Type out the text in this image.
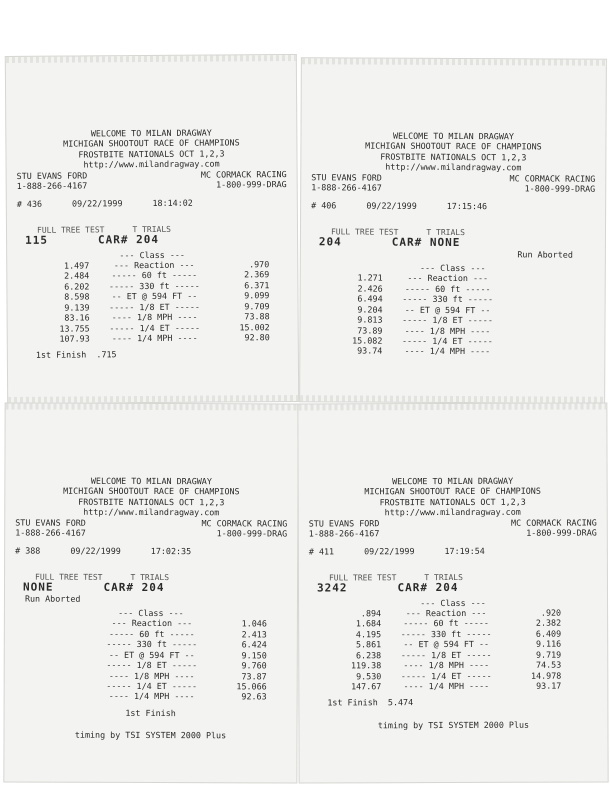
WELCOME TO MILAN DRAGWAY
MICHIGAN SHOOTOUT RACE OF CHAMPIONS
FROSTBITE NATIONALS OCT 1,2,3
http://www.milandragway.com
STU EVANS FORD	MC CORMACK RACING
1-888-266-4167	1-800-999-DRAG
# 436	09/22/1999	18:14:02
FULL TREE TEST	T TRIALS
115	CAR# 204
--- Class ---
1.497	--- Reaction ---	.970
2.484	----- 60 ft -----	2.369
6.202	----- 330 ft -----	6.371
8.598	-- ET @ 594 FT --	9.099
9.139	----- 1/8 ET -----	9.709
83.16	---- 1/8 MPH ----	73.88
13.755	----- 1/4 ET -----	15.002
107.93	---- 1/4 MPH ----	92.80
1st Finish  .715
WELCOME TO MILAN DRAGWAY
MICHIGAN SHOOTOUT RACE OF CHAMPIONS
FROSTBITE NATIONALS OCT 1,2,3
http://www.milandragway.com
STU EVANS FORD	MC CORMACK RACING
1-888-266-4167	1-800-999-DRAG
# 406	09/22/1999	17:15:46
FULL TREE TEST	T TRIALS
204	CAR# NONE
Run Aborted
--- Class ---
1.271	--- Reaction ---	
2.426	----- 60 ft -----	
6.494	----- 330 ft -----	
9.204	-- ET @ 594 FT --	
9.813	----- 1/8 ET -----	
73.89	---- 1/8 MPH ----	
15.082	----- 1/4 ET -----	
93.74	---- 1/4 MPH ----	
WELCOME TO MILAN DRAGWAY
MICHIGAN SHOOTOUT RACE OF CHAMPIONS
FROSTBITE NATIONALS OCT 1,2,3
http://www.milandragway.com
STU EVANS FORD	MC CORMACK RACING
1-888-266-4167	1-800-999-DRAG
# 388	09/22/1999	17:02:35
FULL TREE TEST	T TRIALS
NONE	CAR# 204
Run Aborted
--- Class ---
	--- Reaction ---	1.046
	----- 60 ft -----	2.413
	----- 330 ft -----	6.424
	-- ET @ 594 FT --	9.150
	----- 1/8 ET -----	9.760
	---- 1/8 MPH ----	73.87
	----- 1/4 ET -----	15.066
	---- 1/4 MPH ----	92.63
1st Finish
timing by TSI SYSTEM 2000 Plus
WELCOME TO MILAN DRAGWAY
MICHIGAN SHOOTOUT RACE OF CHAMPIONS
FROSTBITE NATIONALS OCT 1,2,3
http://www.milandragway.com
STU EVANS FORD	MC CORMACK RACING
1-888-266-4167	1-800-999-DRAG
# 411	09/22/1999	17:19:54
FULL TREE TEST	T TRIALS
3242	CAR# 204
--- Class ---
.894	--- Reaction ---	.920
1.684	----- 60 ft -----	2.382
4.195	----- 330 ft -----	6.409
5.861	-- ET @ 594 FT --	9.116
6.238	----- 1/8 ET -----	9.719
119.38	---- 1/8 MPH ----	74.53
9.530	----- 1/4 ET -----	14.978
147.67	---- 1/4 MPH ----	93.17
1st Finish  5.474
timing by TSI SYSTEM 2000 Plus
